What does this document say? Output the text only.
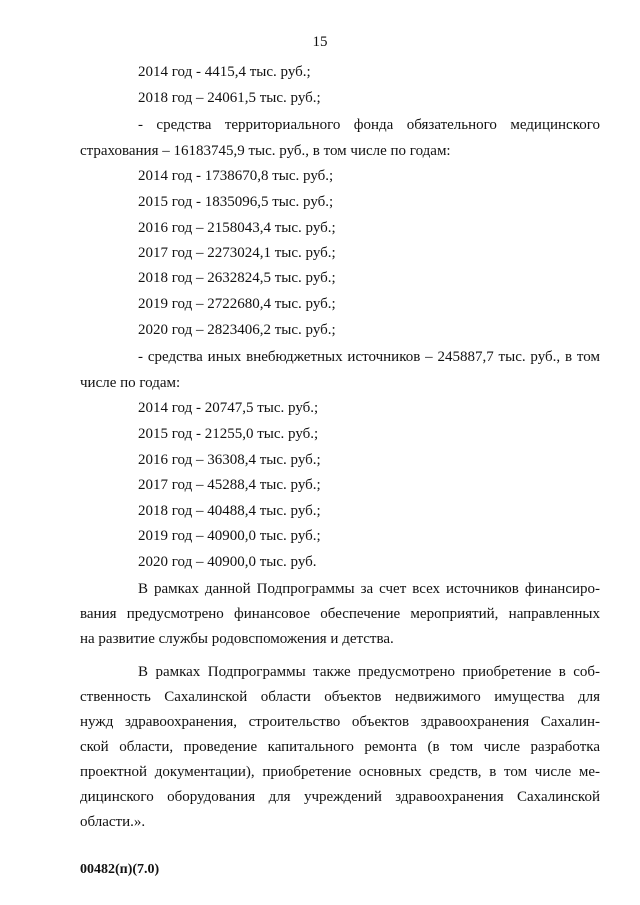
15
2014 год - 4415,4 тыс. руб.;
2018 год – 24061,5 тыс. руб.;
- средства территориального фонда обязательного медицинского
страхования – 16183745,9 тыс. руб., в том числе по годам:
2014 год - 1738670,8 тыс. руб.;
2015 год - 1835096,5 тыс. руб.;
2016 год – 2158043,4 тыс. руб.;
2017 год – 2273024,1 тыс. руб.;
2018 год – 2632824,5 тыс. руб.;
2019 год – 2722680,4 тыс. руб.;
2020 год – 2823406,2 тыс. руб.;
- средства иных внебюджетных источников – 245887,7 тыс. руб., в том
числе по годам:
2014 год - 20747,5 тыс. руб.;
2015 год - 21255,0 тыс. руб.;
2016 год – 36308,4 тыс. руб.;
2017 год – 45288,4 тыс. руб.;
2018 год – 40488,4 тыс. руб.;
2019 год – 40900,0 тыс. руб.;
2020 год – 40900,0 тыс. руб.
В рамках данной Подпрограммы за счет всех источников финансиро-
вания предусмотрено финансовое обеспечение мероприятий, направленных
на развитие службы родовспоможения и детства.
В рамках Подпрограммы также предусмотрено приобретение в соб-
ственность Сахалинской области объектов недвижимого имущества для
нужд здравоохранения, строительство объектов здравоохранения Сахалин-
ской области, проведение капитального ремонта (в том числе разработка
проектной документации), приобретение основных средств, в том числе ме-
дицинского оборудования для учреждений здравоохранения Сахалинской
области.».
00482(п)(7.0)
